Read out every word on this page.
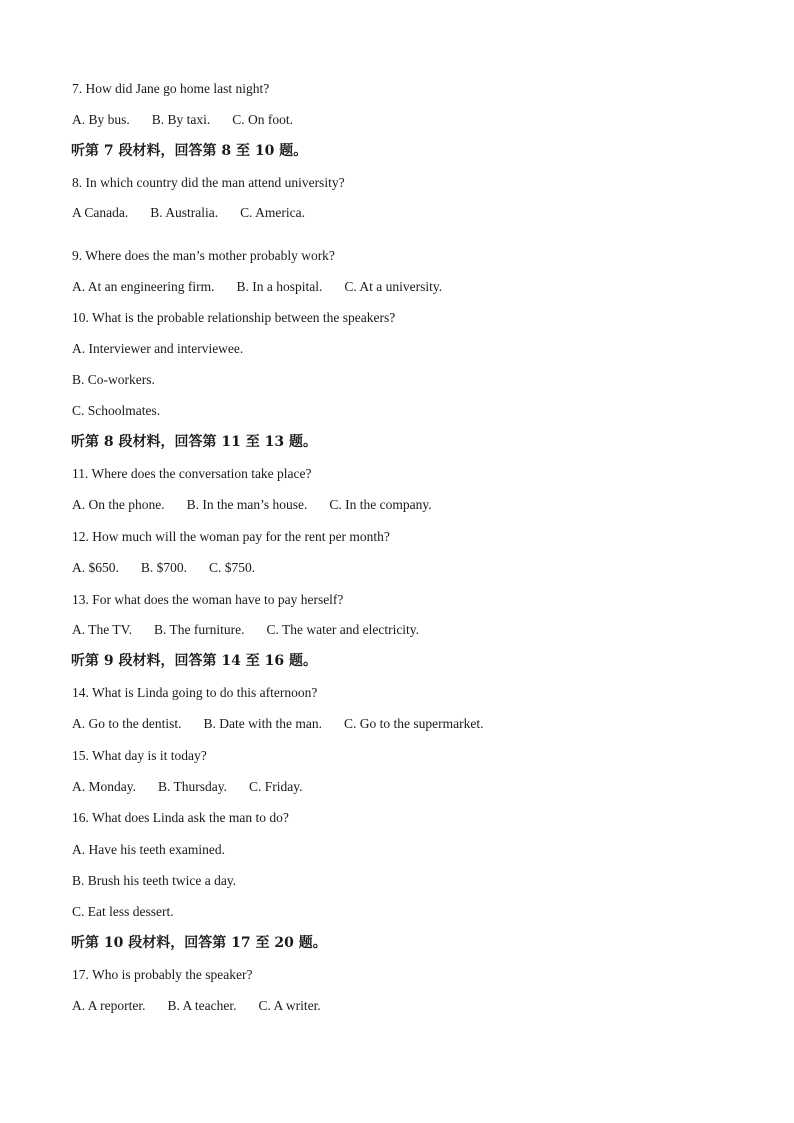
7. How did Jane go home last night?
A. By bus. B. By taxi. C. On foot.
听第 7 段材料，回答第 8 至 10 题。
8. In which country did the man attend university?
A Canada. B. Australia. C. America.
9. Where does the man’s mother probably work?
A. At an engineering firm. B. In a hospital. C. At a university.
10. What is the probable relationship between the speakers?
A. Interviewer and interviewee.
B. Co-workers.
C. Schoolmates.
听第 8 段材料，回答第 11 至 13 题。
11. Where does the conversation take place?
A. On the phone. B. In the man’s house. C. In the company.
12. How much will the woman pay for the rent per month?
A. $650. B. $700. C. $750.
13. For what does the woman have to pay herself?
A. The TV. B. The furniture. C. The water and electricity.
听第 9 段材料，回答第 14 至 16 题。
14. What is Linda going to do this afternoon?
A. Go to the dentist. B. Date with the man. C. Go to the supermarket.
15. What day is it today?
A. Monday. B. Thursday. C. Friday.
16. What does Linda ask the man to do?
A. Have his teeth examined.
B. Brush his teeth twice a day.
C. Eat less dessert.
听第 10 段材料，回答第 17 至 20 题。
17. Who is probably the speaker?
A. A reporter. B. A teacher. C. A writer.
